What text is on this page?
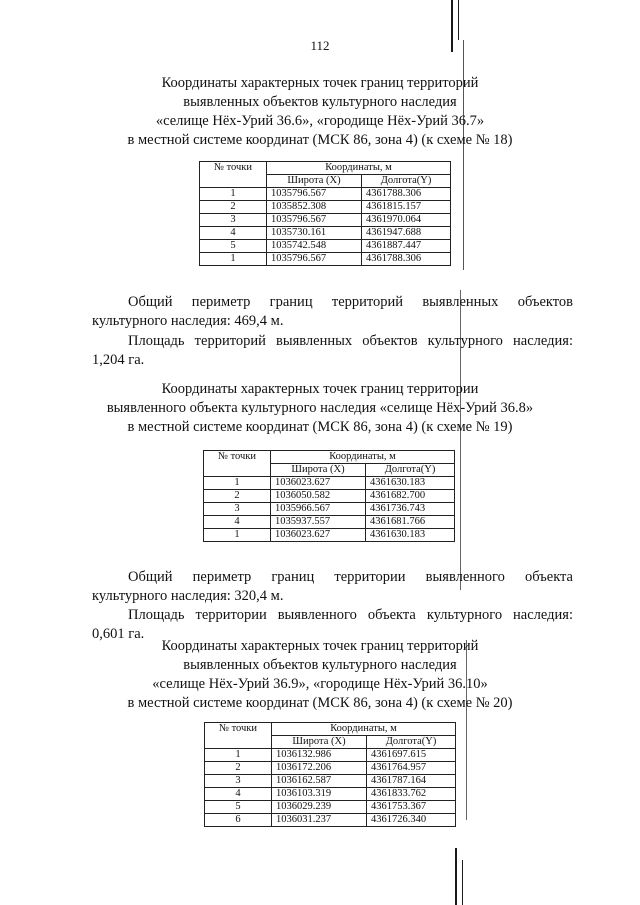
112
Координаты характерных точек границ территорий
выявленных объектов культурного наследия
«селище Нёх-Урий 36.6», «городище Нёх-Урий 36.7»
в местной системе координат (МСК 86, зона 4) (к схеме № 18)
№ точки	Координаты, м	
	Широта (X)	Долгота(Y)
1	1035796.567	4361788.306
2	1035852.308	4361815.157
3	1035796.567	4361970.064
4	1035730.161	4361947.688
5	1035742.548	4361887.447
1	1035796.567	4361788.306

Общий периметр границ территорий выявленных объектов
культурного наследия: 469,4 м.

Площадь территорий выявленных объектов культурного наследия:
1,204 га.

Координаты характерных точек границ территории
выявленного объекта культурного наследия «селище Нёх-Урий 36.8»
в местной системе координат (МСК 86, зона 4) (к схеме № 19)
№ точки	Координаты, м	
	Широта (X)	Долгота(Y)
1	1036023.627	4361630.183
2	1036050.582	4361682.700
3	1035966.567	4361736.743
4	1035937.557	4361681.766
1	1036023.627	4361630.183

Общий периметр границ территории выявленного объекта
культурного наследия: 320,4 м.

Площадь территории выявленного объекта культурного наследия:
0,601 га.

Координаты характерных точек границ территорий
выявленных объектов культурного наследия
«селище Нёх-Урий 36.9», «городище Нёх-Урий 36.10»
в местной системе координат (МСК 86, зона 4) (к схеме № 20)
№ точки	Координаты, м	
	Широта (X)	Долгота(Y)
1	1036132.986	4361697.615
2	1036172.206	4361764.957
3	1036162.587	4361787.164
4	1036103.319	4361833.762
5	1036029.239	4361753.367
6	1036031.237	4361726.340
